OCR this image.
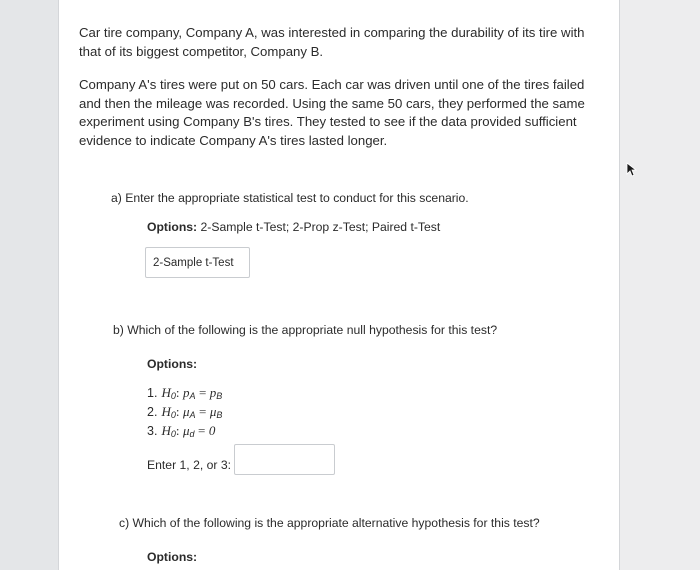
Car tire company, Company A, was interested in comparing the durability of its tire with that of its biggest competitor, Company B.

Company A's tires were put on 50 cars. Each car was driven until one of the tires failed and then the mileage was recorded. Using the same 50 cars, they performed the same experiment using Company B's tires. They tested to see if the data provided sufficient evidence to indicate Company A's tires lasted longer.

a) Enter the appropriate statistical test to conduct for this scenario.
Options: 2-Sample t-Test; 2-Prop z-Test; Paired t-Test
2-Sample t-Test
b) Which of the following is the appropriate null hypothesis for this test?
Options:
1. $H_0$: $p_A = p_B$
2. $H_0$: $\mu_A = \mu_B$
3. $H_0$: $\mu_d = 0$
Enter 1, 2, or 3:
c) Which of the following is the appropriate alternative hypothesis for this test?
Options:
